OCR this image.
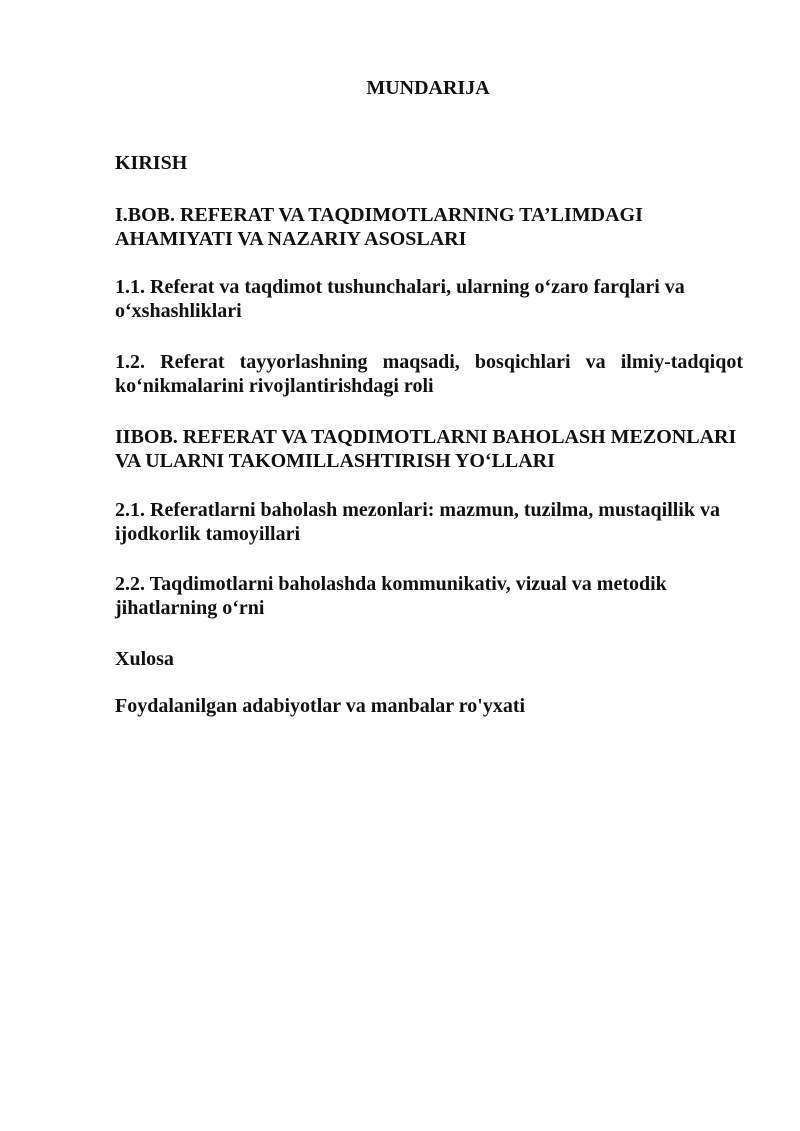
MUNDARIJA

KIRISH

I.BOB. REFERAT VA TAQDIMOTLARNING TA’LIMDAGI AHAMIYATI VA NAZARIY ASOSLARI

1.1. Referat va taqdimot tushunchalari, ularning o‘zaro farqlari va o‘xshashliklari

1.2. Referat tayyorlashning maqsadi, bosqichlari va ilmiy-tadqiqot ko‘nikmalarini rivojlantirishdagi roli

IIBOB. REFERAT VA TAQDIMOTLARNI BAHOLASH MEZONLARI VA ULARNI TAKOMILLASHTIRISH YO‘LLARI

2.1. Referatlarni baholash mezonlari: mazmun, tuzilma, mustaqillik va ijodkorlik tamoyillari

2.2. Taqdimotlarni baholashda kommunikativ, vizual va metodik jihatlarning o‘rni

Xulosa

Foydalanilgan adabiyotlar va manbalar ro'yxati
